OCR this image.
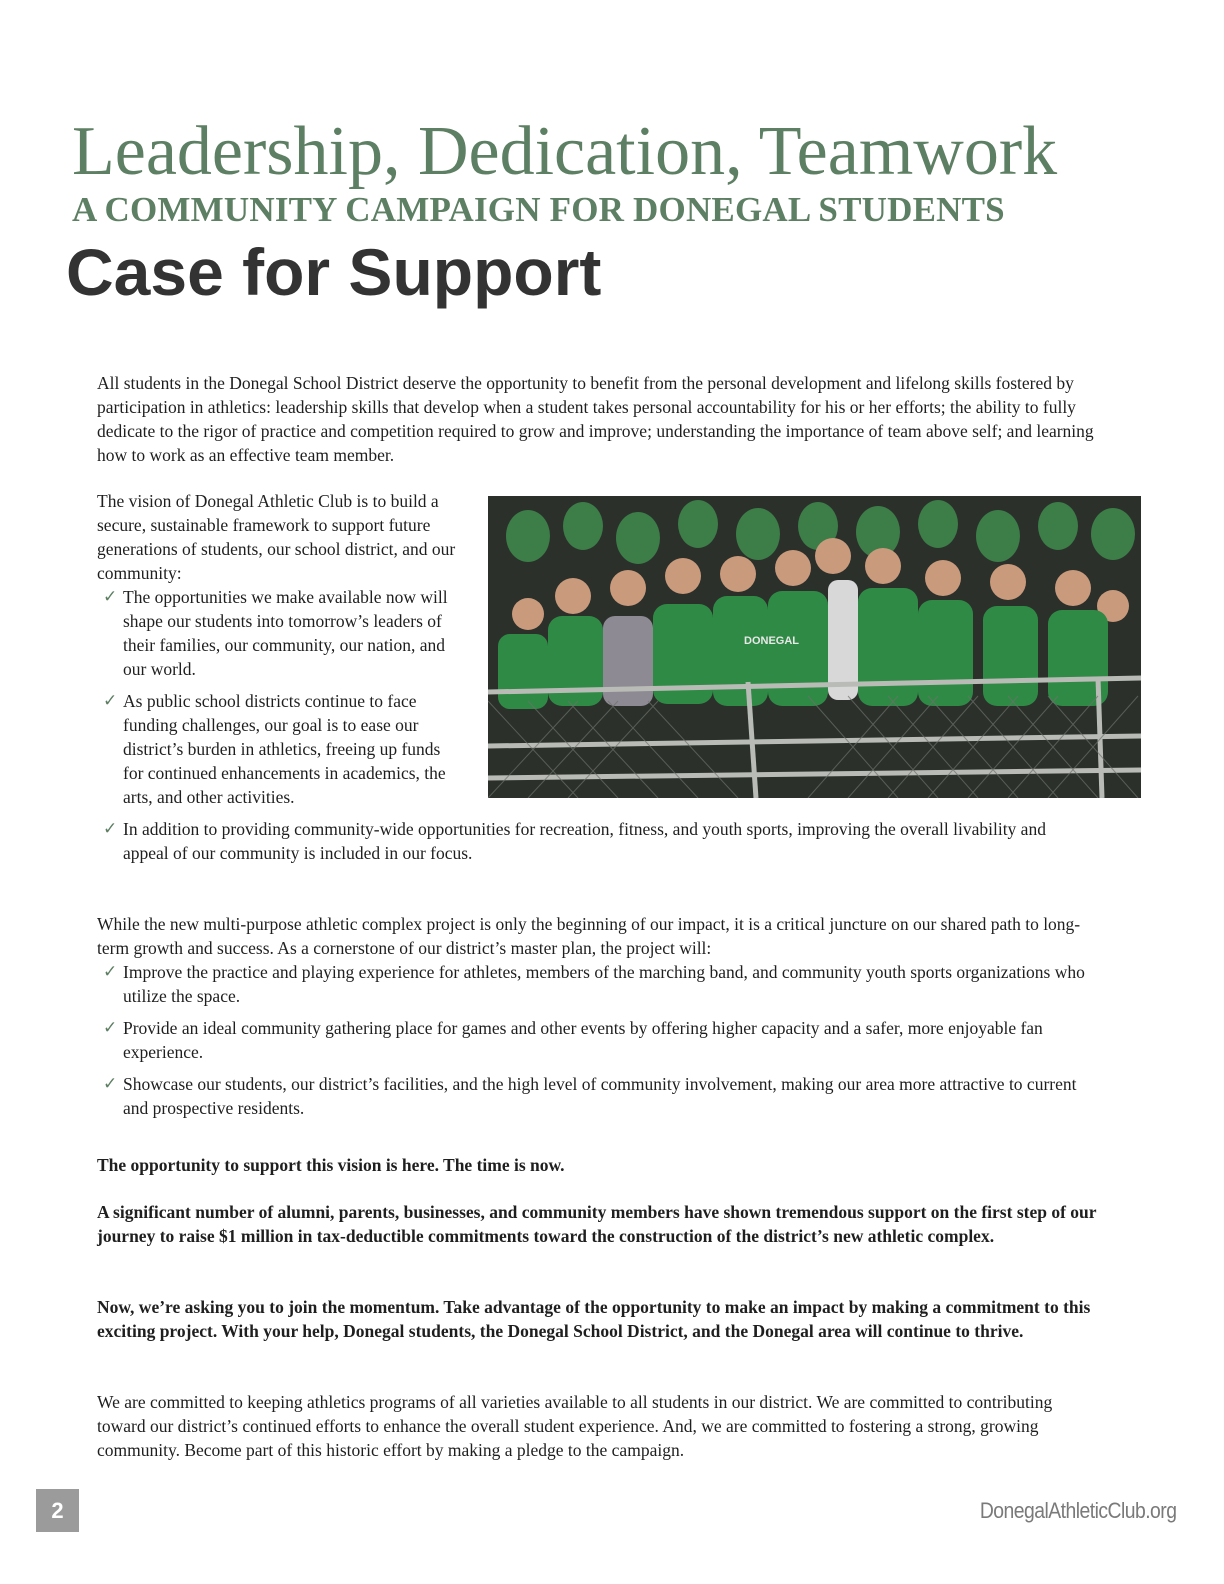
Leadership, Dedication, Teamwork
A COMMUNITY CAMPAIGN FOR DONEGAL STUDENTS
Case for Support

All students in the Donegal School District deserve the opportunity to benefit from the personal development and lifelong skills fostered by participation in athletics: leadership skills that develop when a student takes personal accountability for his or her efforts; the ability to fully dedicate to the rigor of practice and competition required to grow and improve; understanding the importance of team above self; and learning how to work as an effective team member.

The vision of Donegal Athletic Club is to build a secure, sustainable framework to support future generations of students, our school district, and our community:

DONEGAL
✓ The opportunities we make available now will shape our students into tomorrow’s leaders of their families, our community, our nation, and our world.
✓ As public school districts continue to face funding challenges, our goal is to ease our district’s burden in athletics, freeing up funds for continued enhancements in academics, the arts, and other activities.
✓ In addition to providing community-wide opportunities for recreation, fitness, and youth sports, improving the overall livability and appeal of our community is included in our focus.

While the new multi-purpose athletic complex project is only the beginning of our impact, it is a critical juncture on our shared path to long-term growth and success. As a cornerstone of our district’s master plan, the project will:

✓ Improve the practice and playing experience for athletes, members of the marching band, and community youth sports organizations who utilize the space.
✓ Provide an ideal community gathering place for games and other events by offering higher capacity and a safer, more enjoyable fan experience.
✓ Showcase our students, our district’s facilities, and the high level of community involvement, making our area more attractive to current and prospective residents.

The opportunity to support this vision is here. The time is now.

A significant number of alumni, parents, businesses, and community members have shown tremendous support on the first step of our journey to raise $1 million in tax-deductible commitments toward the construction of the district’s new athletic complex.

Now, we’re asking you to join the momentum. Take advantage of the opportunity to make an impact by making a commitment to this exciting project. With your help, Donegal students, the Donegal School District, and the Donegal area will continue to thrive.

We are committed to keeping athletics programs of all varieties available to all students in our district. We are committed to contributing toward our district’s continued efforts to enhance the overall student experience. And, we are committed to fostering a strong, growing community. Become part of this historic effort by making a pledge to the campaign.

2	DonegalAthleticClub.org
